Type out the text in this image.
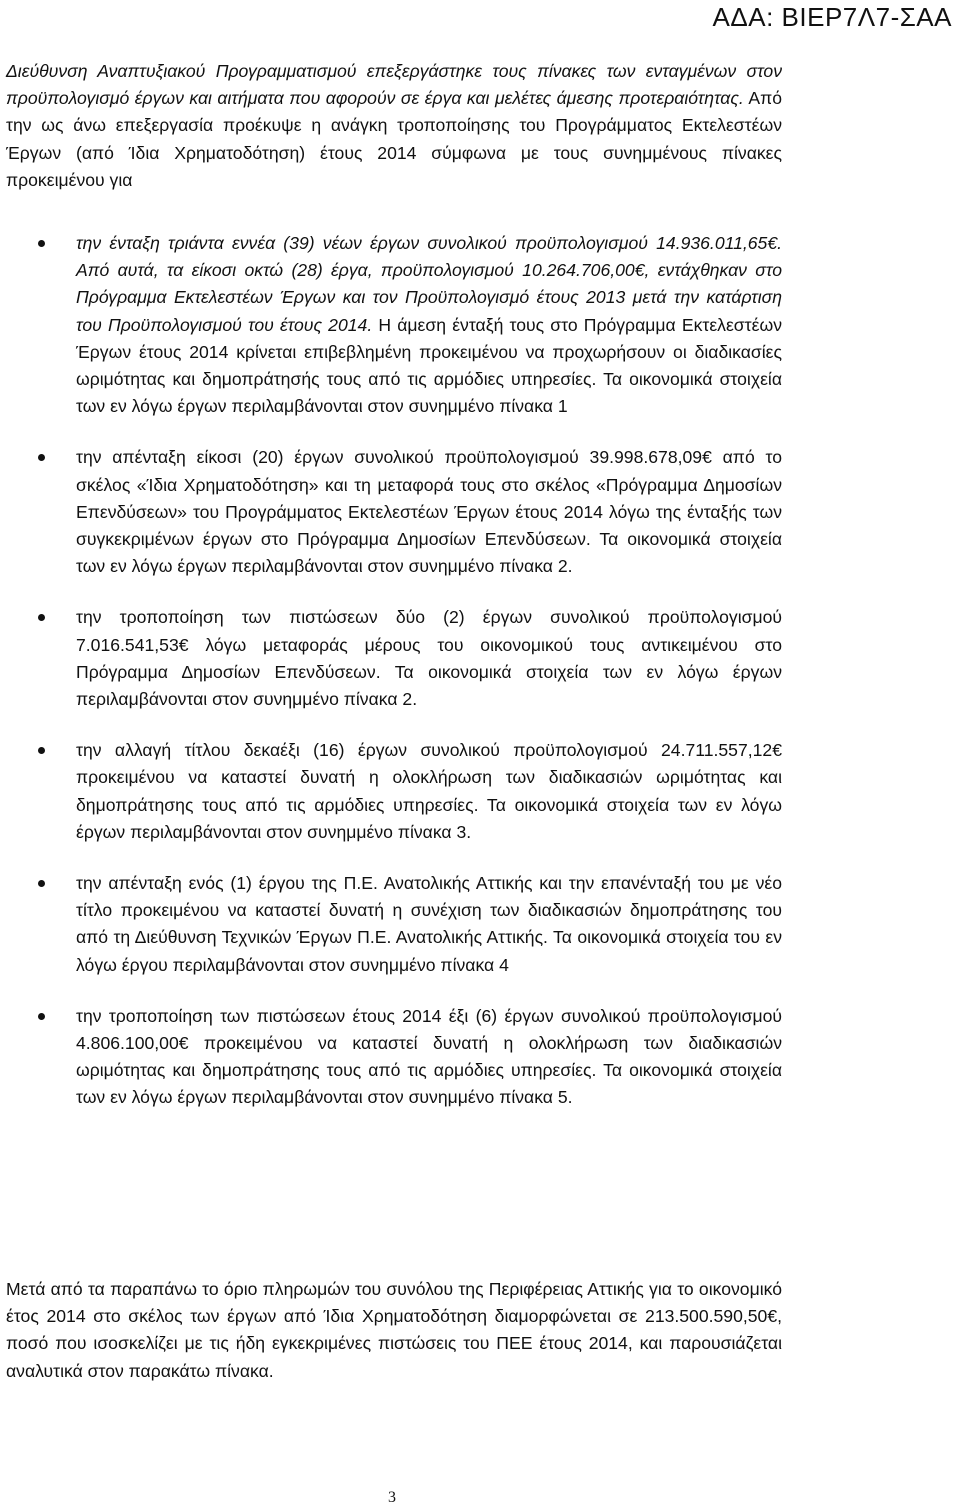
ΑΔΑ: ΒΙΕΡ7Λ7-ΣΑΑ

Διεύθυνση Αναπτυξιακού Προγραμματισμού επεξεργάστηκε τους πίνακες των ενταγμένων στον προϋπολογισμό έργων και αιτήματα που αφορούν σε έργα και μελέτες άμεσης προτεραιότητας. Από την ως άνω επεξεργασία προέκυψε η ανάγκη τροποποίησης του Προγράμματος Εκτελεστέων Έργων (από Ίδια Χρηματοδότηση) έτους 2014 σύμφωνα με τους συνημμένους πίνακες προκειμένου για

την ένταξη τριάντα εννέα (39) νέων έργων συνολικού προϋπολογισμού 14.936.011,65€. Από αυτά, τα είκοσι οκτώ (28) έργα, προϋπολογισμού 10.264.706,00€, εντάχθηκαν στο Πρόγραμμα Εκτελεστέων Έργων και τον Προϋπολογισμό έτους 2013 μετά την κατάρτιση του Προϋπολογισμού του έτους 2014. Η άμεση ένταξή τους στο Πρόγραμμα Εκτελεστέων Έργων έτους 2014 κρίνεται επιβεβλημένη προκειμένου να προχωρήσουν οι διαδικασίες ωριμότητας και δημοπράτησής τους από τις αρμόδιες υπηρεσίες. Τα οικονομικά στοιχεία των εν λόγω έργων περιλαμβάνονται στον συνημμένο πίνακα 1
την απένταξη είκοσι (20) έργων συνολικού προϋπολογισμού 39.998.678,09€ από το σκέλος «Ίδια Χρηματοδότηση» και τη μεταφορά τους στο σκέλος «Πρόγραμμα Δημοσίων Επενδύσεων» του Προγράμματος Εκτελεστέων Έργων έτους 2014 λόγω της ένταξής των συγκεκριμένων έργων στο Πρόγραμμα Δημοσίων Επενδύσεων. Τα οικονομικά στοιχεία των εν λόγω έργων περιλαμβάνονται στον συνημμένο πίνακα 2.
την τροποποίηση των πιστώσεων δύο (2) έργων συνολικού προϋπολογισμού 7.016.541,53€ λόγω μεταφοράς μέρους του οικονομικού τους αντικειμένου στο Πρόγραμμα Δημοσίων Επενδύσεων. Τα οικονομικά στοιχεία των εν λόγω έργων περιλαμβάνονται στον συνημμένο πίνακα 2.
την αλλαγή τίτλου δεκαέξι (16) έργων συνολικού προϋπολογισμού 24.711.557,12€ προκειμένου να καταστεί δυνατή η ολοκλήρωση των διαδικασιών ωριμότητας και δημοπράτησης τους από τις αρμόδιες υπηρεσίες. Τα οικονομικά στοιχεία των εν λόγω έργων περιλαμβάνονται στον συνημμένο πίνακα 3.
την απένταξη ενός (1) έργου της Π.Ε. Ανατολικής Αττικής και την επανένταξή του με νέο τίτλο προκειμένου να καταστεί δυνατή η συνέχιση των διαδικασιών δημοπράτησης του από τη Διεύθυνση Τεχνικών Έργων Π.Ε. Ανατολικής Αττικής. Τα οικονομικά στοιχεία του εν λόγω έργου περιλαμβάνονται στον συνημμένο πίνακα 4
την τροποποίηση των πιστώσεων έτους 2014 έξι (6) έργων συνολικού προϋπολογισμού 4.806.100,00€ προκειμένου να καταστεί δυνατή η ολοκλήρωση των διαδικασιών ωριμότητας και δημοπράτησης τους από τις αρμόδιες υπηρεσίες. Τα οικονομικά στοιχεία των εν λόγω έργων περιλαμβάνονται στον συνημμένο πίνακα 5.

Μετά από τα παραπάνω το όριο πληρωμών του συνόλου της Περιφέρειας Αττικής για το οικονομικό έτος 2014 στο σκέλος των έργων από Ίδια Χρηματοδότηση διαμορφώνεται σε 213.500.590,50€, ποσό που ισοσκελίζει με τις ήδη εγκεκριμένες πιστώσεις του ΠΕΕ έτους 2014, και παρουσιάζεται αναλυτικά στον παρακάτω πίνακα.

3
